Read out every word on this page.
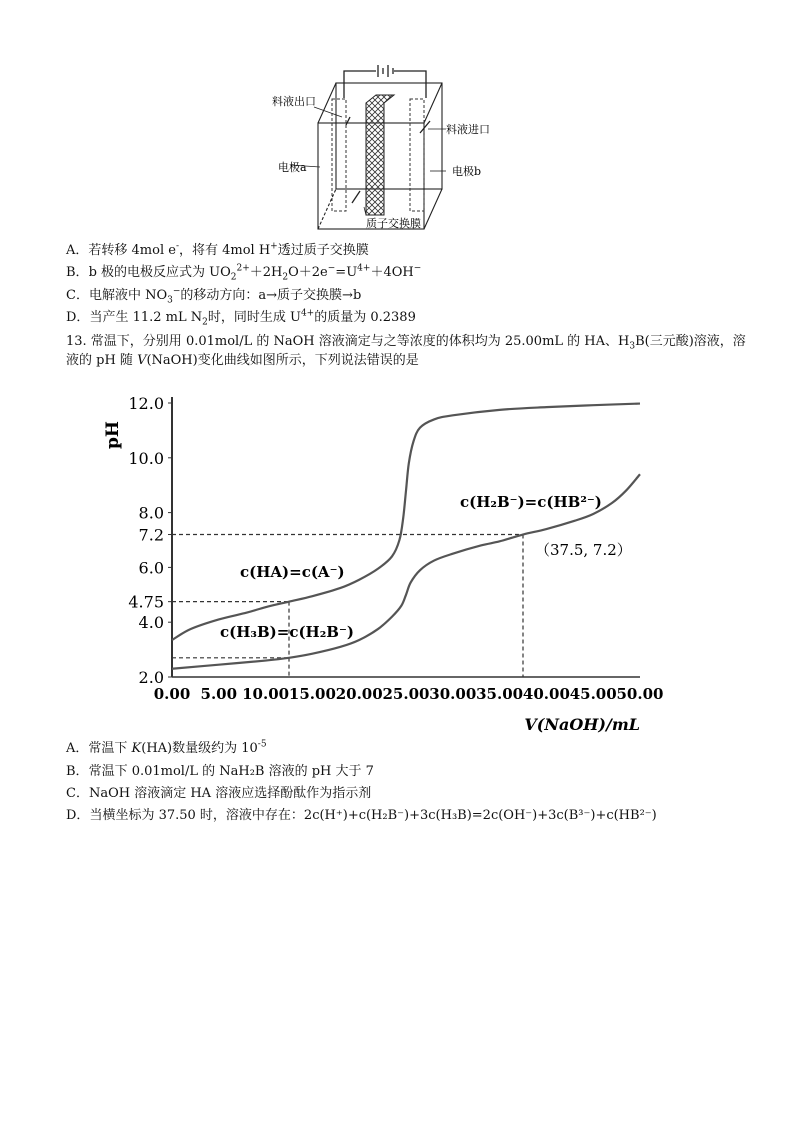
料液出口
料液进口
电极a	电极b
质子交换膜
A．若转移 4mol e-，将有 4mol H+透过质子交换膜
B．b 极的电极反应式为 $UO_2^{2+}+2H_2O+2e^-=U^{4+}+4OH^-$
C．电解液中 $NO_3^-$的移动方向：a→质子交换膜→b
D．当产生 11.2 mL $N_2$时，同时生成 $U^{4+}$的质量为 0.2389
13. 常温下，分别用 0.01mol/L 的 NaOH 溶液滴定与之等浓度的体积均为 25.00mL 的 HA、$H_3B$(三元酸)溶液，溶液的 pH 随 V(NaOH)变化曲线如图所示，下列说法错误的是
2.0
4.0
4.75
6.0
7.2
8.0
10.0
12.0
0.00 5.00 10.00 15.00 20.00 25.00 30.00 35.00 40.00 45.00 50.00
pH
V(NaOH)/mL
c(HA)=c(A⁻)
c(H₃B)=c(H₂B⁻)
c(H₂B⁻)=c(HB²⁻)
（37.5, 7.2）
A．常温下 K(HA)数量级约为 $10^{-5}$
B．常温下 0.01mol/L 的 NaH₂B 溶液的 pH 大于 7
C．NaOH 溶液滴定 HA 溶液应选择酚酞作为指示剂
D．当横坐标为 37.50 时，溶液中存在：2c(H⁺)+c(H₂B⁻)+3c(H₃B)=2c(OH⁻)+3c(B³⁻)+c(HB²⁻)
